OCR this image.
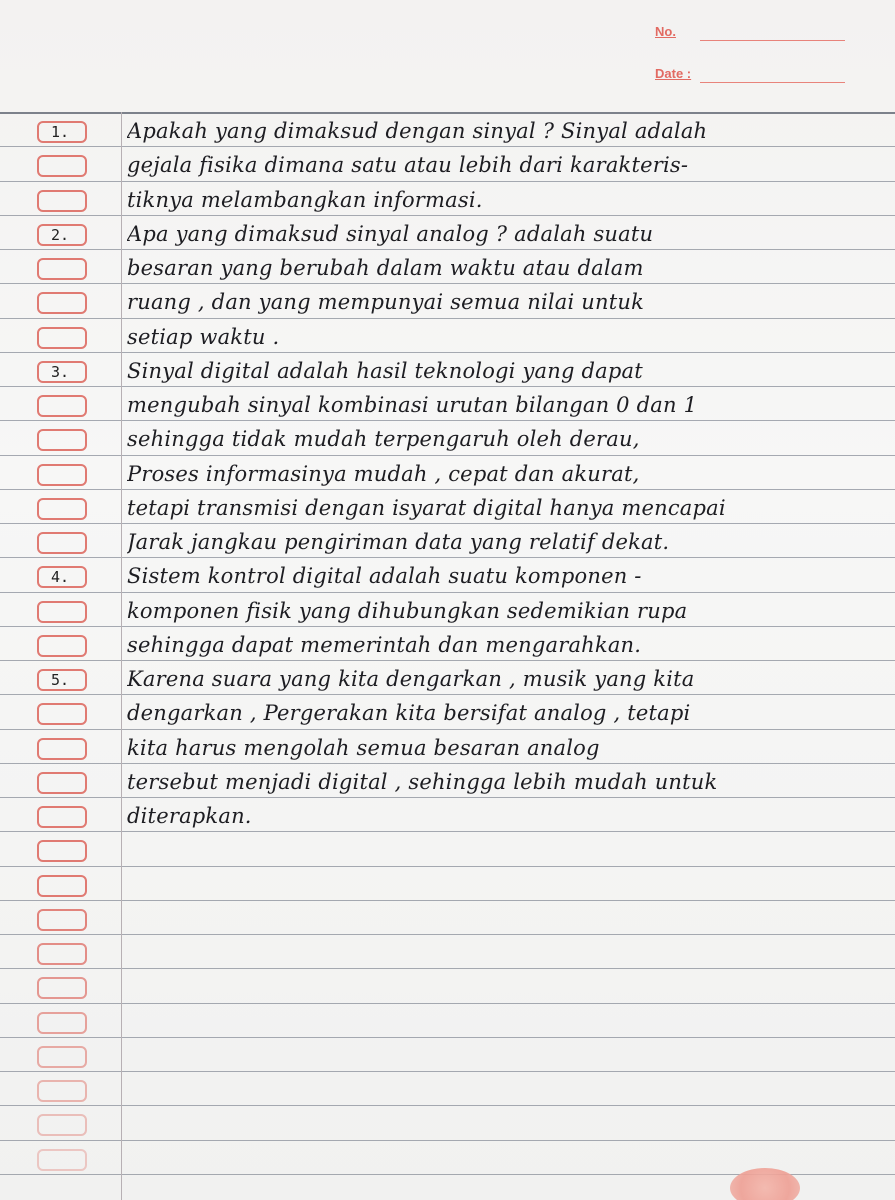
No.
Date :
1.
2.
3.
4.
5.
Apakah yang dimaksud dengan sinyal ? Sinyal adalah
gejala fisika dimana satu atau lebih dari karakteris-
tiknya melambangkan informasi.
Apa yang dimaksud sinyal analog ? adalah suatu
besaran yang berubah dalam waktu atau dalam
ruang , dan yang mempunyai semua nilai untuk
setiap waktu .
Sinyal digital adalah hasil teknologi yang dapat
mengubah sinyal kombinasi urutan bilangan 0 dan 1
sehingga tidak mudah terpengaruh oleh derau,
Proses informasinya mudah , cepat dan akurat,
tetapi transmisi dengan isyarat digital hanya mencapai
Jarak jangkau pengiriman data yang relatif dekat.
Sistem kontrol digital adalah suatu komponen -
komponen fisik yang dihubungkan sedemikian rupa
sehingga dapat memerintah dan mengarahkan.
Karena suara yang kita dengarkan , musik yang kita
dengarkan , Pergerakan kita bersifat analog , tetapi
kita harus mengolah semua besaran analog
tersebut menjadi digital , sehingga lebih mudah untuk
diterapkan.
